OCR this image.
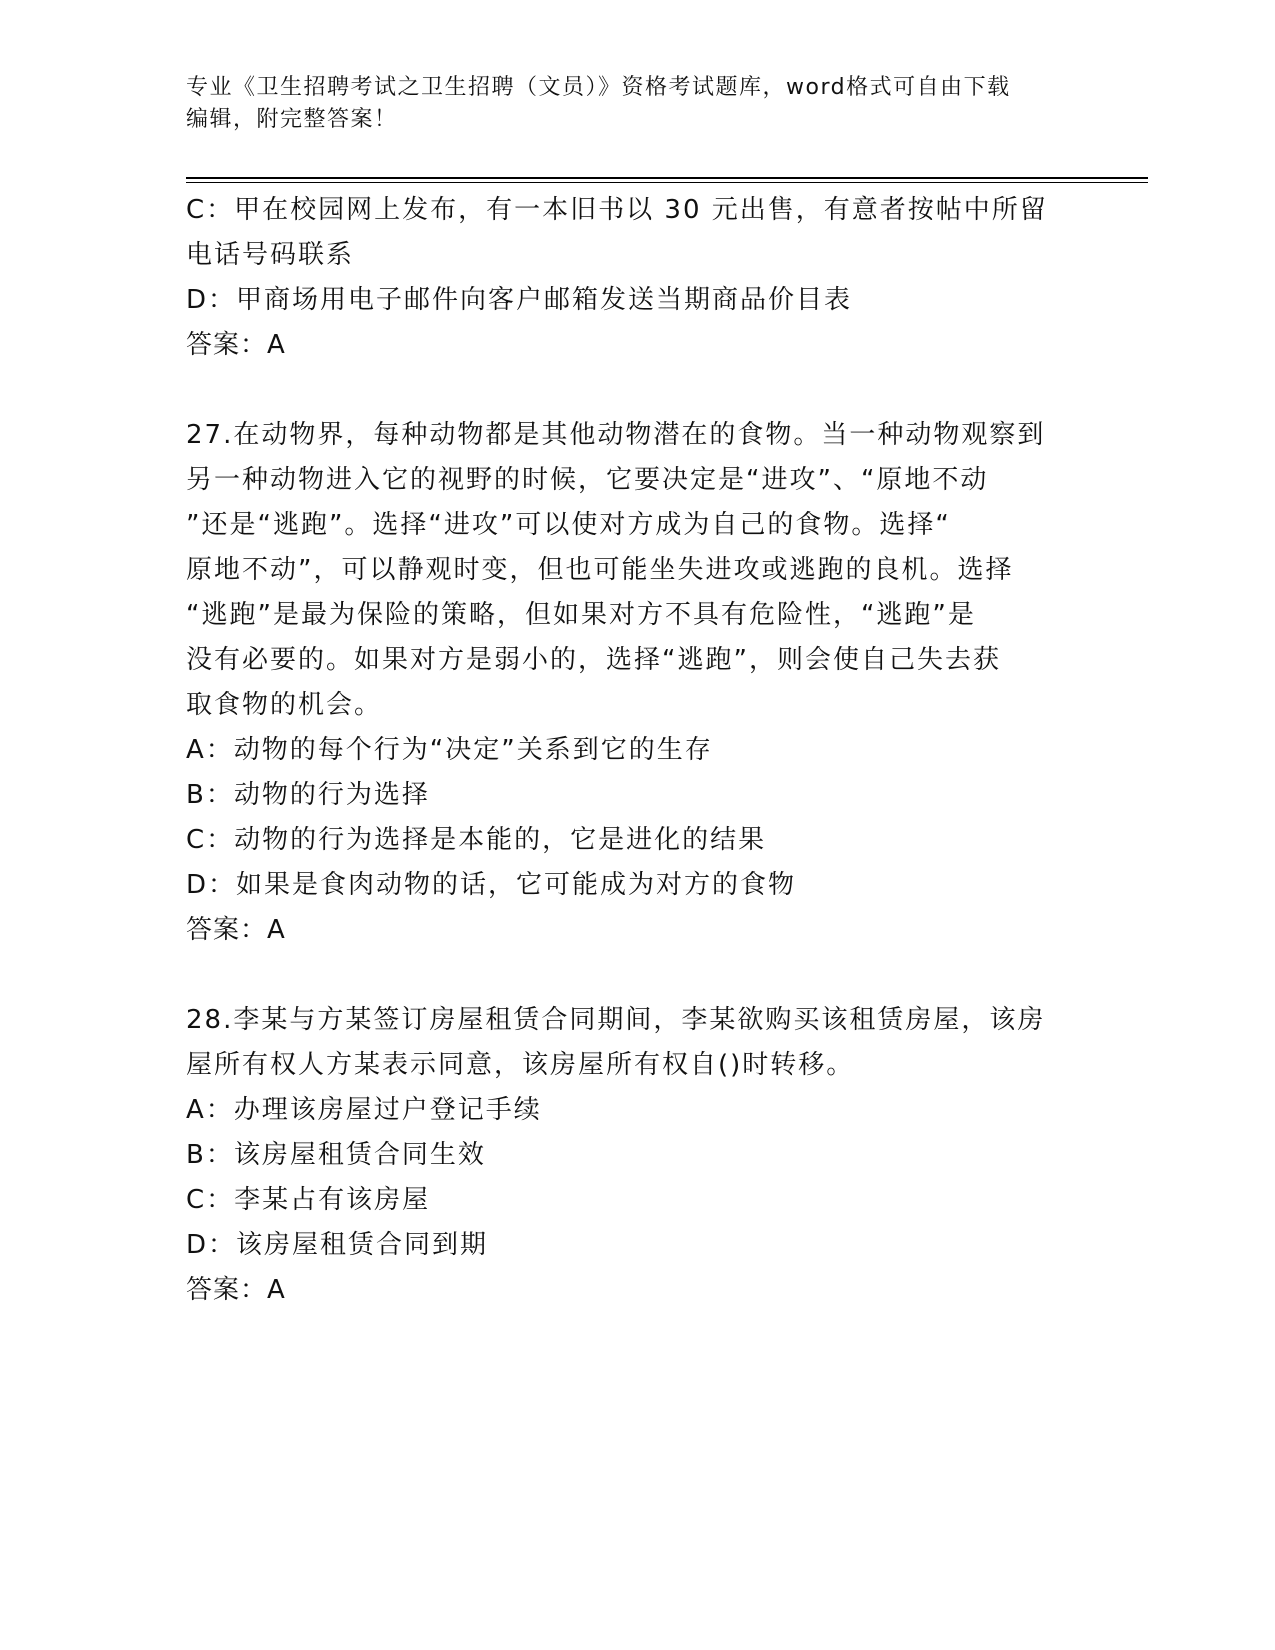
专业《卫生招聘考试之卫生招聘（文员）》资格考试题库，word格式可自由下载
编辑，附完整答案！
C：甲在校园网上发布，有一本旧书以 30 元出售，有意者按帖中所留
电话号码联系
D：甲商场用电子邮件向客户邮箱发送当期商品价目表
答案：A
27.在动物界，每种动物都是其他动物潜在的食物。当一种动物观察到
另一种动物进入它的视野的时候，它要决定是“进攻”、“原地不动
”还是“逃跑”。选择“进攻”可以使对方成为自己的食物。选择“
原地不动”，可以静观时变，但也可能坐失进攻或逃跑的良机。选择
“逃跑”是最为保险的策略，但如果对方不具有危险性，“逃跑”是
没有必要的。如果对方是弱小的，选择“逃跑”，则会使自己失去获
取食物的机会。
A：动物的每个行为“决定”关系到它的生存
B：动物的行为选择
C：动物的行为选择是本能的，它是进化的结果
D：如果是食肉动物的话，它可能成为对方的食物
答案：A
28.李某与方某签订房屋租赁合同期间，李某欲购买该租赁房屋，该房
屋所有权人方某表示同意，该房屋所有权自()时转移。
A：办理该房屋过户登记手续
B：该房屋租赁合同生效
C：李某占有该房屋
D：该房屋租赁合同到期
答案：A
